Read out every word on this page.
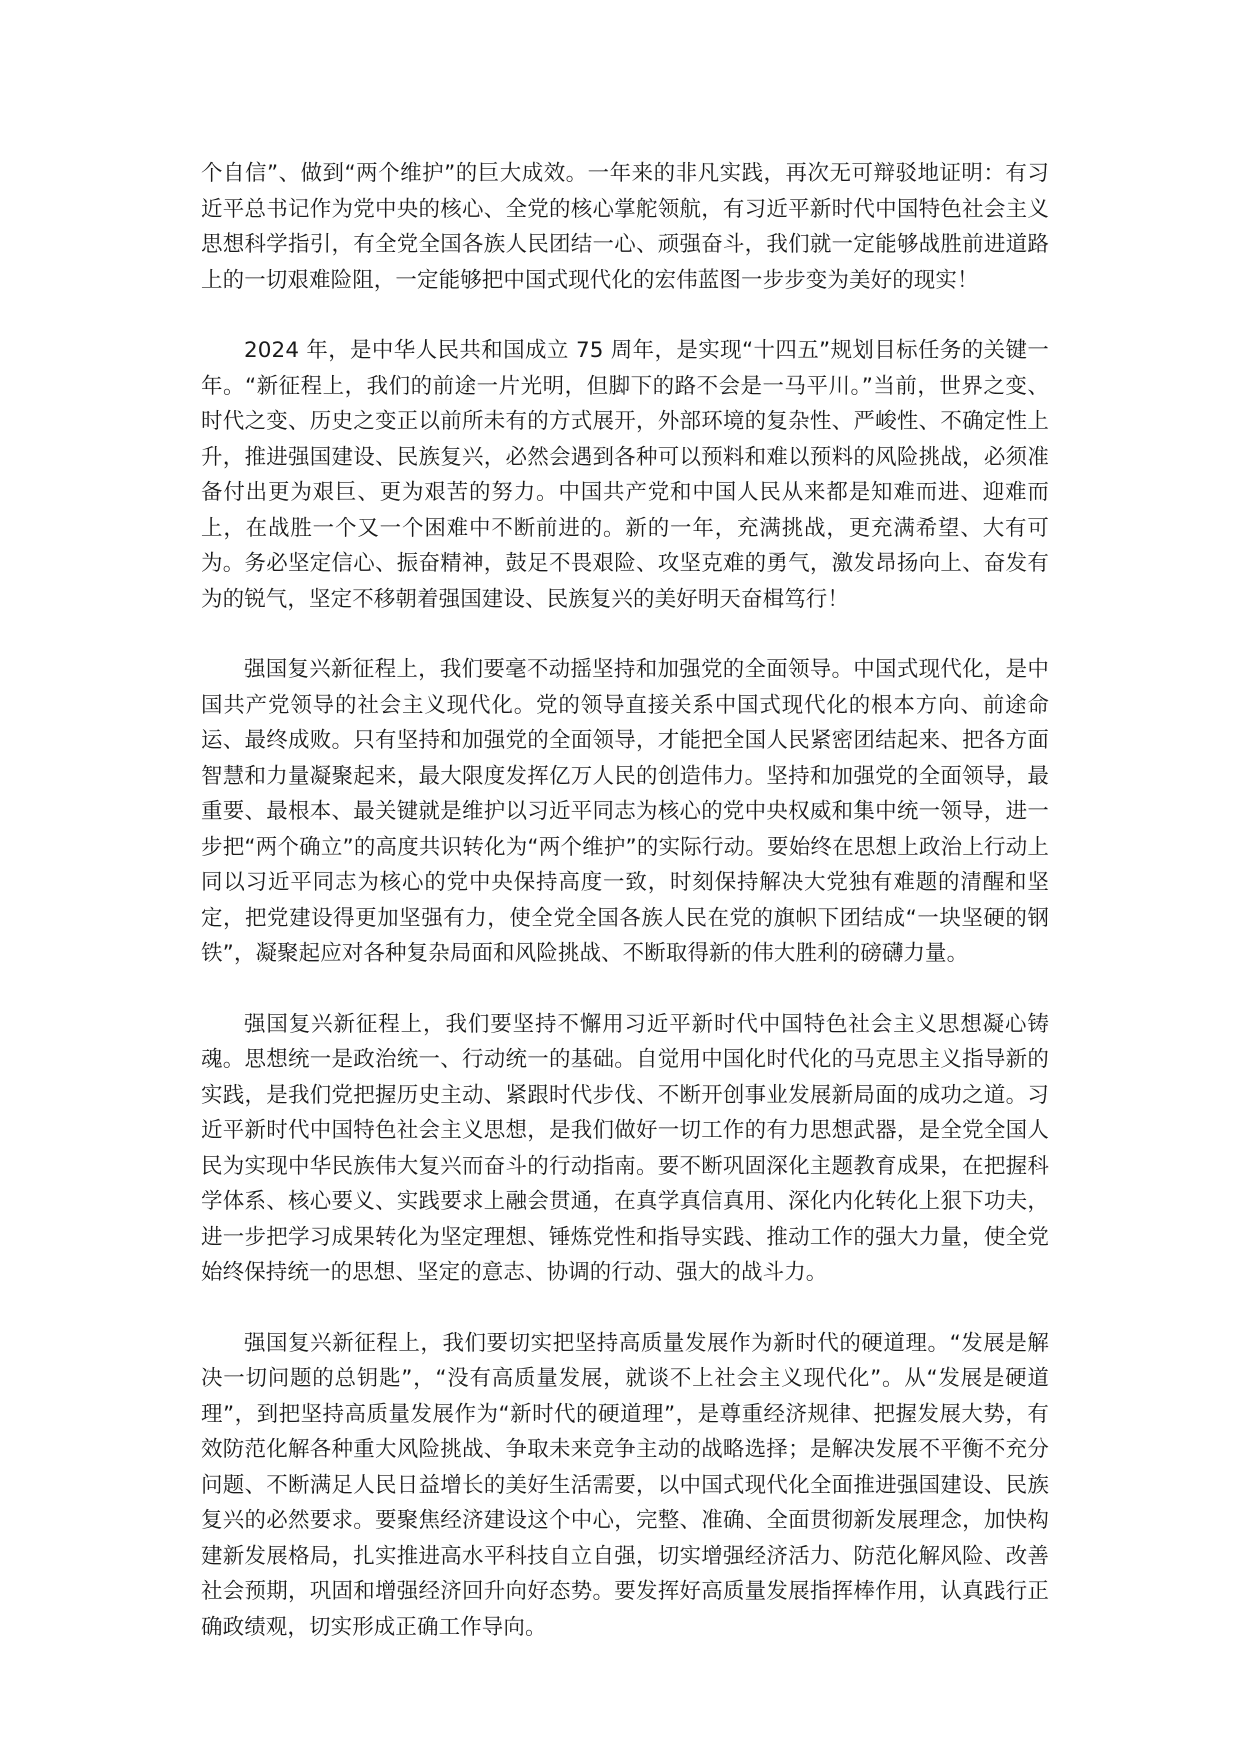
个自信”、做到“两个维护”的巨大成效。一年来的非凡实践，再次无可辩驳地证明：有习近平总书记作为党中央的核心、全党的核心掌舵领航，有习近平新时代中国特色社会主义思想科学指引，有全党全国各族人民团结一心、顽强奋斗，我们就一定能够战胜前进道路上的一切艰难险阻，一定能够把中国式现代化的宏伟蓝图一步步变为美好的现实！

2024 年，是中华人民共和国成立 75 周年，是实现“十四五”规划目标任务的关键一年。“新征程上，我们的前途一片光明，但脚下的路不会是一马平川。”当前，世界之变、时代之变、历史之变正以前所未有的方式展开，外部环境的复杂性、严峻性、不确定性上升，推进强国建设、民族复兴，必然会遇到各种可以预料和难以预料的风险挑战，必须准备付出更为艰巨、更为艰苦的努力。中国共产党和中国人民从来都是知难而进、迎难而上，在战胜一个又一个困难中不断前进的。新的一年，充满挑战，更充满希望、大有可为。务必坚定信心、振奋精神，鼓足不畏艰险、攻坚克难的勇气，激发昂扬向上、奋发有为的锐气，坚定不移朝着强国建设、民族复兴的美好明天奋楫笃行！

强国复兴新征程上，我们要毫不动摇坚持和加强党的全面领导。中国式现代化，是中国共产党领导的社会主义现代化。党的领导直接关系中国式现代化的根本方向、前途命运、最终成败。只有坚持和加强党的全面领导，才能把全国人民紧密团结起来、把各方面智慧和力量凝聚起来，最大限度发挥亿万人民的创造伟力。坚持和加强党的全面领导，最重要、最根本、最关键就是维护以习近平同志为核心的党中央权威和集中统一领导，进一步把“两个确立”的高度共识转化为“两个维护”的实际行动。要始终在思想上政治上行动上同以习近平同志为核心的党中央保持高度一致，时刻保持解决大党独有难题的清醒和坚定，把党建设得更加坚强有力，使全党全国各族人民在党的旗帜下团结成“一块坚硬的钢铁”，凝聚起应对各种复杂局面和风险挑战、不断取得新的伟大胜利的磅礴力量。

强国复兴新征程上，我们要坚持不懈用习近平新时代中国特色社会主义思想凝心铸魂。思想统一是政治统一、行动统一的基础。自觉用中国化时代化的马克思主义指导新的实践，是我们党把握历史主动、紧跟时代步伐、不断开创事业发展新局面的成功之道。习近平新时代中国特色社会主义思想，是我们做好一切工作的有力思想武器，是全党全国人民为实现中华民族伟大复兴而奋斗的行动指南。要不断巩固深化主题教育成果，在把握科学体系、核心要义、实践要求上融会贯通，在真学真信真用、深化内化转化上狠下功夫，进一步把学习成果转化为坚定理想、锤炼党性和指导实践、推动工作的强大力量，使全党始终保持统一的思想、坚定的意志、协调的行动、强大的战斗力。

强国复兴新征程上，我们要切实把坚持高质量发展作为新时代的硬道理。“发展是解决一切问题的总钥匙”，“没有高质量发展，就谈不上社会主义现代化”。从“发展是硬道理”，到把坚持高质量发展作为“新时代的硬道理”，是尊重经济规律、把握发展大势，有效防范化解各种重大风险挑战、争取未来竞争主动的战略选择；是解决发展不平衡不充分问题、不断满足人民日益增长的美好生活需要，以中国式现代化全面推进强国建设、民族复兴的必然要求。要聚焦经济建设这个中心，完整、准确、全面贯彻新发展理念，加快构建新发展格局，扎实推进高水平科技自立自强，切实增强经济活力、防范化解风险、改善社会预期，巩固和增强经济回升向好态势。要发挥好高质量发展指挥棒作用，认真践行正确政绩观，切实形成正确工作导向。
